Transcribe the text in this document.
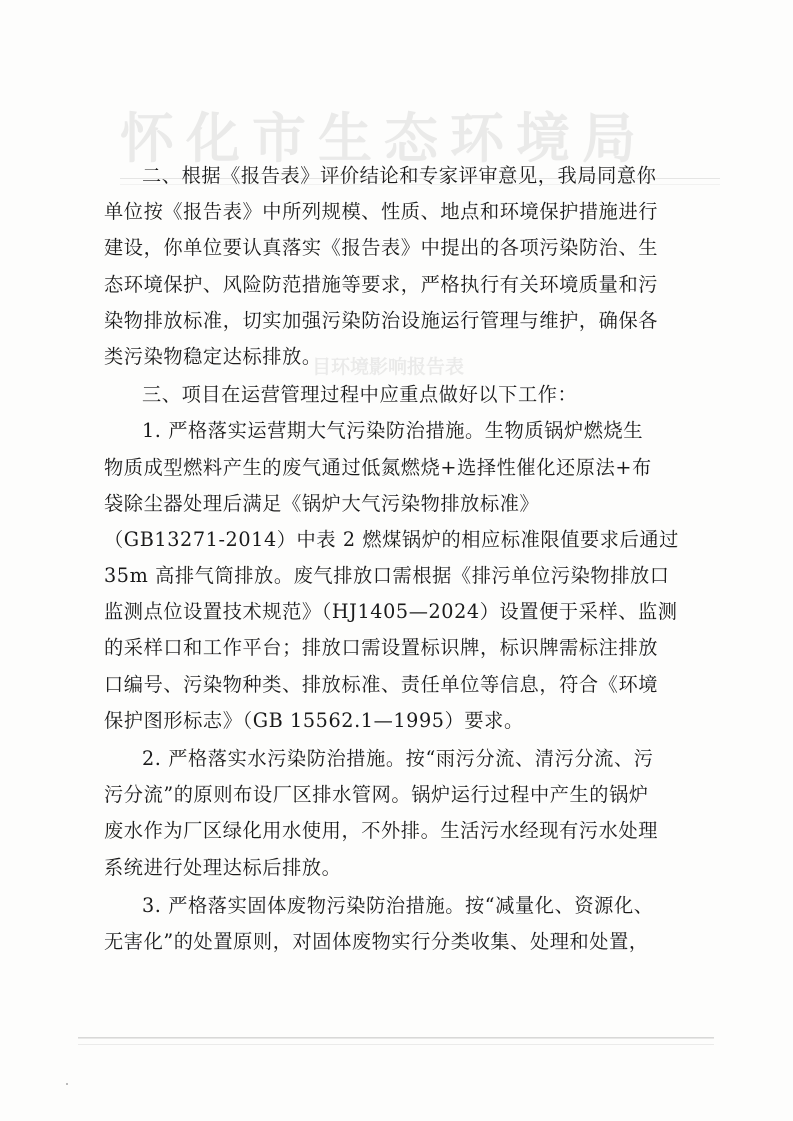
怀化市生态环境局
目环境影响报告表
二、根据《报告表》评价结论和专家评审意见，我局同意你
单位按《报告表》中所列规模、性质、地点和环境保护措施进行
建设，你单位要认真落实《报告表》中提出的各项污染防治、生
态环境保护、风险防范措施等要求，严格执行有关环境质量和污
染物排放标准，切实加强污染防治设施运行管理与维护，确保各
类污染物稳定达标排放。
三、项目在运营管理过程中应重点做好以下工作：
1. 严格落实运营期大气污染防治措施。生物质锅炉燃烧生
物质成型燃料产生的废气通过低氮燃烧+选择性催化还原法+布
袋除尘器处理后满足《锅炉大气污染物排放标准》
（GB13271-2014）中表 2 燃煤锅炉的相应标准限值要求后通过
35m 高排气筒排放。废气排放口需根据《排污单位污染物排放口
监测点位设置技术规范》（HJ1405—2024）设置便于采样、监测
的采样口和工作平台；排放口需设置标识牌，标识牌需标注排放
口编号、污染物种类、排放标准、责任单位等信息，符合《环境
保护图形标志》（GB 15562.1—1995）要求。
2. 严格落实水污染防治措施。按“雨污分流、清污分流、污
污分流”的原则布设厂区排水管网。锅炉运行过程中产生的锅炉
废水作为厂区绿化用水使用，不外排。生活污水经现有污水处理
系统进行处理达标后排放。
3. 严格落实固体废物污染防治措施。按“减量化、资源化、
无害化”的处置原则，对固体废物实行分类收集、处理和处置，
